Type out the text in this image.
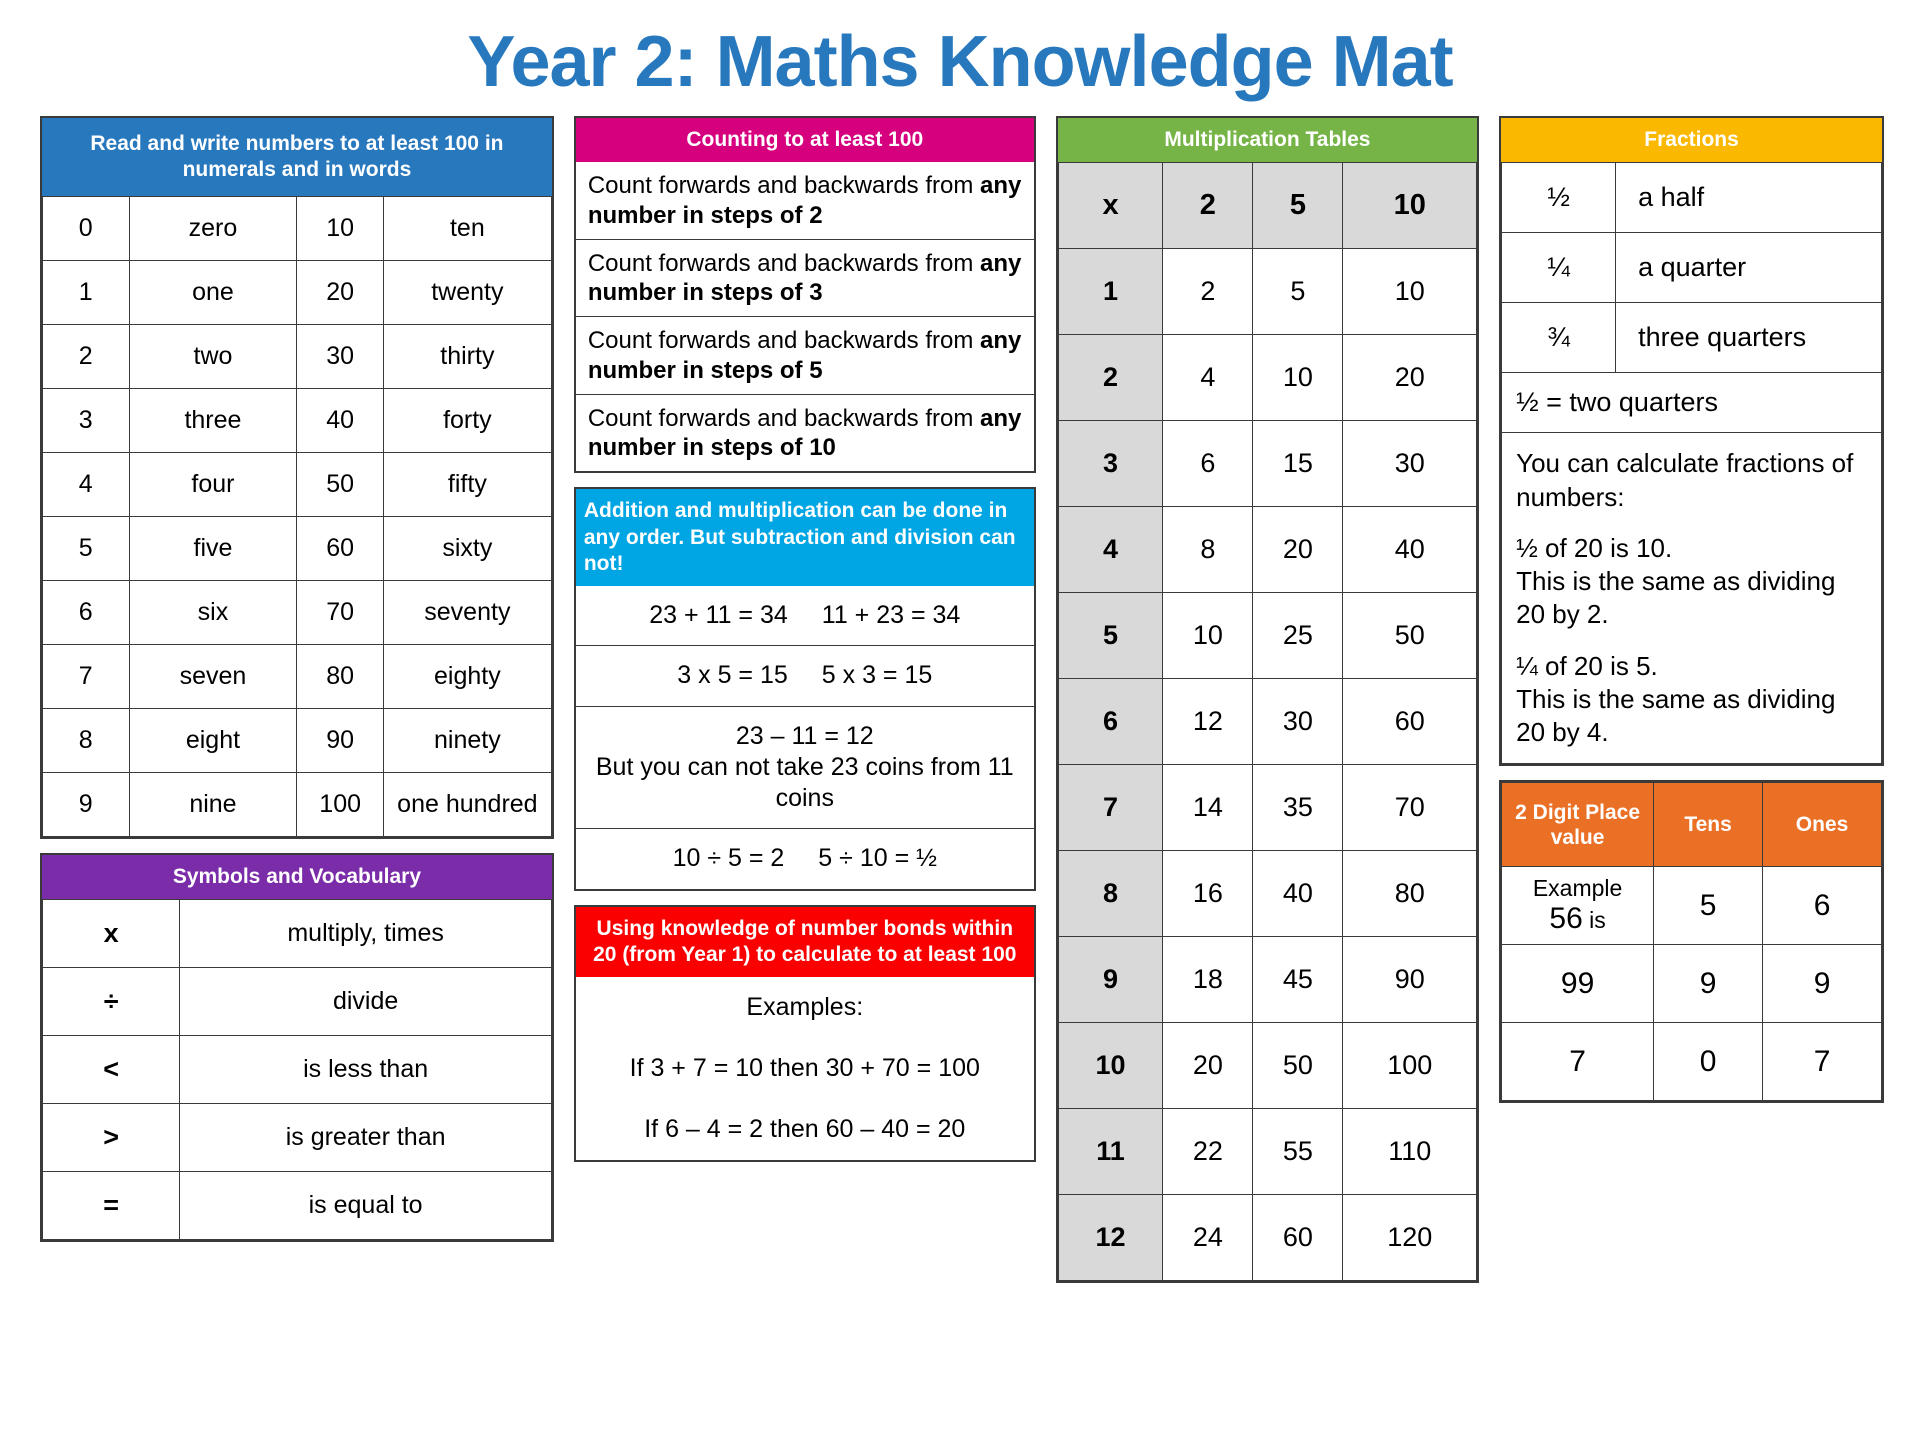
Year 2: Maths Knowledge Mat
Read and write numbers to at least 100 in numerals and in words
0	zero	10	ten
1	one	20	twenty
2	two	30	thirty
3	three	40	forty
4	four	50	fifty
5	five	60	sixty
6	six	70	seventy
7	seven	80	eighty
8	eight	90	ninety
9	nine	100	one hundred
Symbols and Vocabulary
x	multiply, times
÷	divide
<	is less than
>	is greater than
=	is equal to
Counting to at least 100
Count forwards and backwards from any number in steps of 2
Count forwards and backwards from any number in steps of 3
Count forwards and backwards from any number in steps of 5
Count forwards and backwards from any number in steps of 10
Addition and multiplication can be done in any order. But subtraction and division can not!
23 + 11 = 34 11 + 23 = 34
3 x 5 = 15 5 x 3 = 15
23 – 11 = 12
But you can not take 23 coins from 11 coins
10 ÷ 5 = 2 5 ÷ 10 = ½
Using knowledge of number bonds within 20 (from Year 1) to calculate to at least 100
Examples:
If 3 + 7 = 10 then 30 + 70 = 100
If 6 – 4 = 2 then 60 – 40 = 20
Multiplication Tables
x	2	5	10
1	2	5	10
2	4	10	20
3	6	15	30
4	8	20	40
5	10	25	50
6	12	30	60
7	14	35	70
8	16	40	80
9	18	45	90
10	20	50	100
11	22	55	110
12	24	60	120
Fractions
½	a half
¼	a quarter
¾	three quarters
½ = two quarters	

You can calculate fractions of numbers:
½ of 20 is 10.
This is the same as dividing 20 by 2.
¼ of 20 is 5.
This is the same as dividing 20 by 4.	
2 Digit Place value	Tens	Ones

Example
56 is	5	6
99	9	9
7	0	7
